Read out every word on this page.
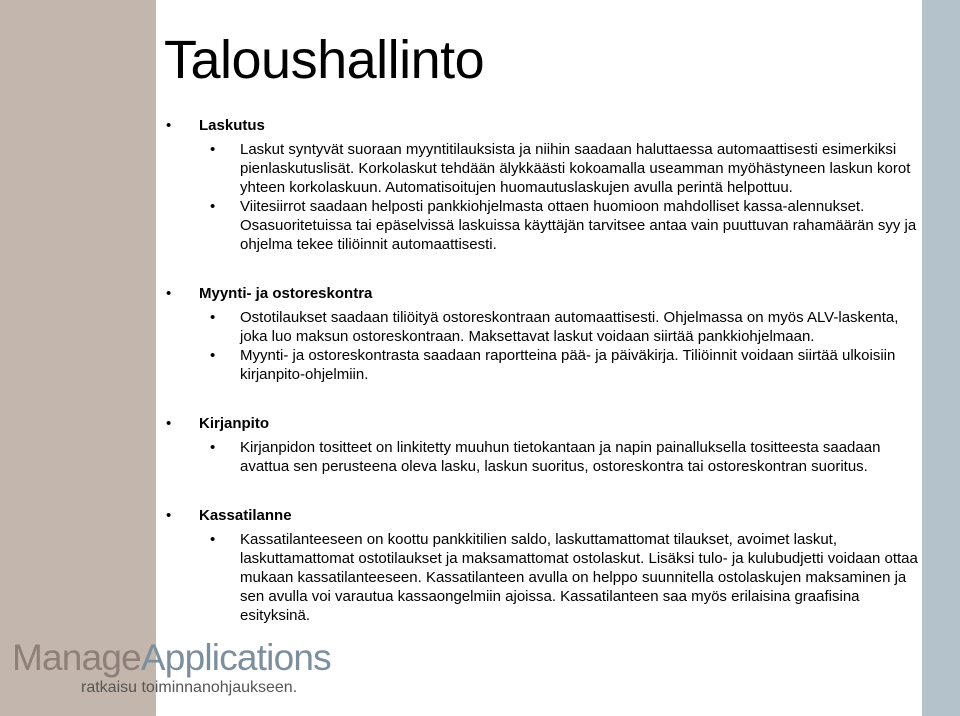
Taloushallinto
• Laskutus
• Laskut syntyvät suoraan myyntitilauksista ja niihin saadaan haluttaessa automaattisesti esimerkiksi pienlaskutuslisät. Korkolaskut tehdään älykkäästi kokoamalla useamman myöhästyneen laskun korot yhteen korkolaskuun. Automatisoitujen huomautuslaskujen avulla perintä helpottuu.
• Viitesiirrot saadaan helposti pankkiohjelmasta ottaen huomioon mahdolliset kassa-alennukset. Osasuoritetuissa tai epäselvissä laskuissa käyttäjän tarvitsee antaa vain puuttuvan rahamäärän syy ja ohjelma tekee tiliöinnit automaattisesti.
• Myynti- ja ostoreskontra
• Ostotilaukset saadaan tiliöityä ostoreskontraan automaattisesti. Ohjelmassa on myös ALV-laskenta, joka luo maksun ostoreskontraan. Maksettavat laskut voidaan siirtää pankkiohjelmaan.
• Myynti- ja ostoreskontrasta saadaan raportteina pää- ja päiväkirja. Tiliöinnit voidaan siirtää ulkoisiin kirjanpito-ohjelmiin.
• Kirjanpito
• Kirjanpidon tositteet on linkitetty muuhun tietokantaan ja napin painalluksella tositteesta saadaan avattua sen perusteena oleva lasku, laskun suoritus, ostoreskontra tai ostoreskontran suoritus.
• Kassatilanne
• Kassatilanteeseen on koottu pankkitilien saldo, laskuttamattomat tilaukset, avoimet laskut, laskuttamattomat ostotilaukset ja maksamattomat ostolaskut. Lisäksi tulo- ja kulubudjetti voidaan ottaa mukaan kassatilanteeseen. Kassatilanteen avulla on helppo suunnitella ostolaskujen maksaminen ja sen avulla voi varautua kassaongelmiin ajoissa. Kassatilanteen saa myös erilaisina graafisina esityksinä.
ManageApplications
ratkaisu toiminnanohjaukseen.
